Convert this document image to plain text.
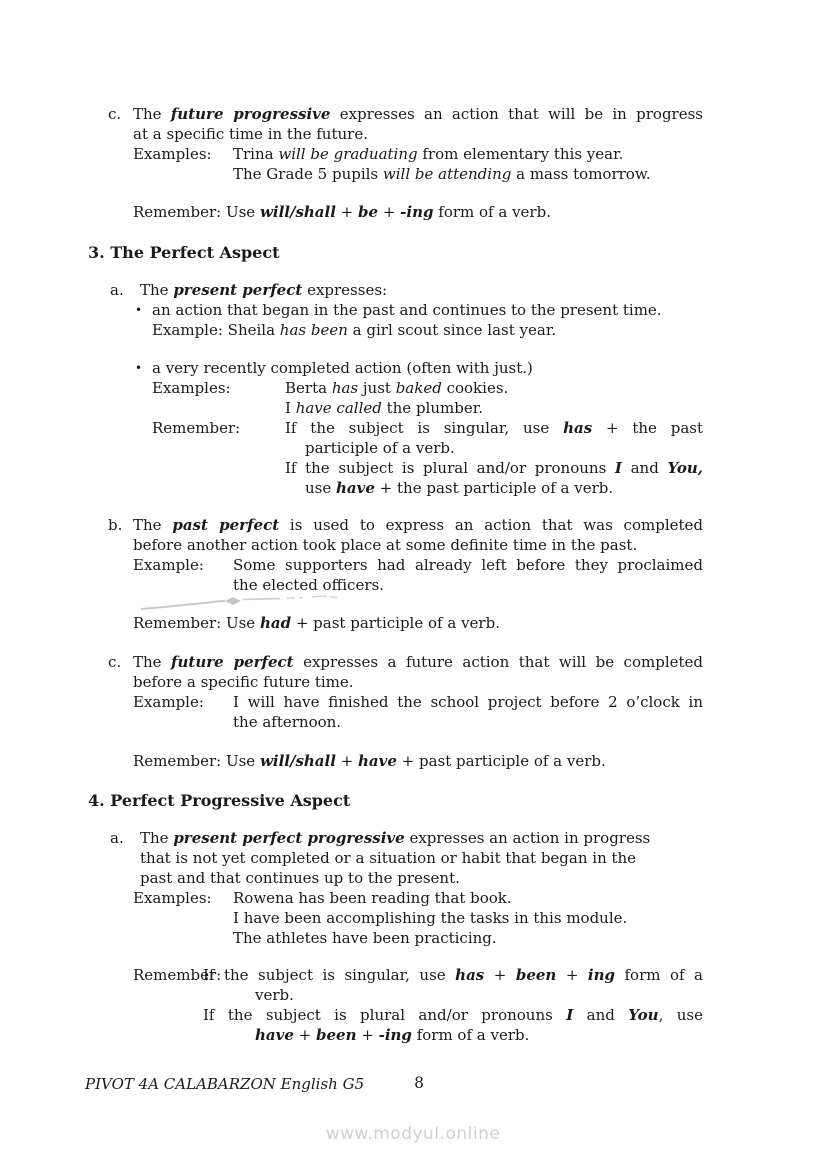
c. The future progressive expresses an action that will be in progress
at a specific time in the future.
Examples: Trina will be graduating from elementary this year.
The Grade 5 pupils will be attending a mass tomorrow.
Remember: Use will/shall + be + -ing form of a verb.
3. The Perfect Aspect
a. The present perfect expresses:
• an action that began in the past and continues to the present time.
Example: Sheila has been a girl scout since last year.
• a very recently completed action (often with just.)
Examples:	Berta has just baked cookies.
I have called the plumber.
Remember:	If the subject is singular, use has + the past
participle of a verb.
If the subject is plural and/or pronouns I and You,
use have + the past participle of a verb.
b. The past perfect is used to express an action that was completed
before another action took place at some definite time in the past.
Example: Some supporters had already left before they proclaimed
the elected officers.
Remember: Use had + past participle of a verb.
c. The future perfect expresses a future action that will be completed
before a specific future time.
Example: I will have finished the school project before 2 o’clock in
the afternoon.
Remember: Use will/shall + have + past participle of a verb.
4. Perfect Progressive Aspect
a. The present perfect progressive expresses an action in progress
that is not yet completed or a situation or habit that began in the
past and that continues up to the present.
Examples: Rowena has been reading that book.
I have been accomplishing the tasks in this module.
The athletes have been practicing.
Remember:
If the subject is singular, use has + been + ing form of a
verb.
If the subject is plural and/or pronouns I and You, use
have + been + -ing form of a verb.
PIVOT 4A CALABARZON English G5	8
www.modyul.online
